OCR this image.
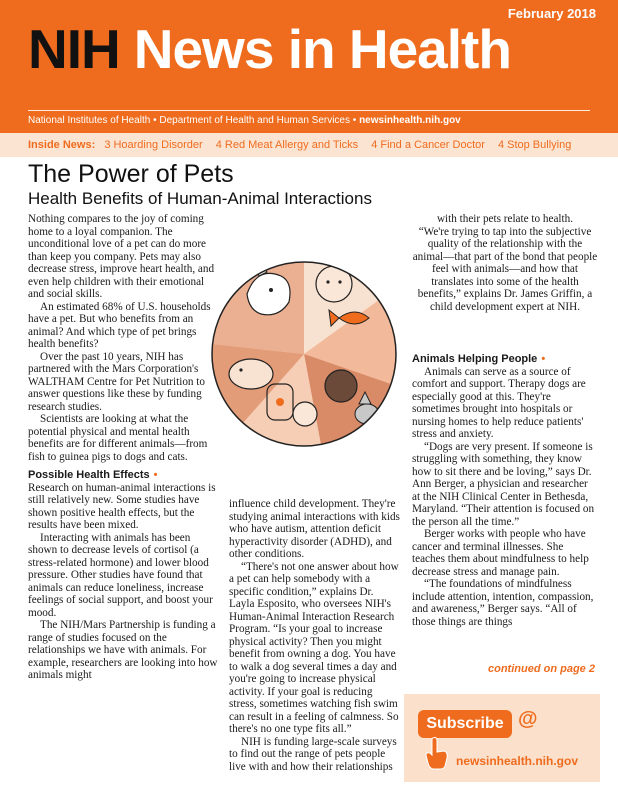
February 2018
NIH News in Health
National Institutes of Health • Department of Health and Human Services • newsinhealth.nih.gov
Inside News: 3 Hoarding Disorder 4 Red Meat Allergy and Ticks 4 Find a Cancer Doctor 4 Stop Bullying
The Power of Pets
Health Benefits of Human-Animal Interactions

Nothing compares to the joy of coming home to a loyal companion. The unconditional love of a pet can do more than keep you company. Pets may also decrease stress, improve heart health, and even help children with their emotional and social skills.

An estimated 68% of U.S. households have a pet. But who benefits from an animal? And which type of pet brings health benefits?

Over the past 10 years, NIH has partnered with the Mars Corporation's WALTHAM Centre for Pet Nutrition to answer questions like these by funding research studies.

Scientists are looking at what the potential physical and mental health benefits are for different animals—from fish to guinea pigs to dogs and cats.

Possible Health Effects •

Research on human-animal interactions is still relatively new. Some studies have shown positive health effects, but the results have been mixed.

Interacting with animals has been shown to decrease levels of cortisol (a stress-related hormone) and lower blood pressure. Other studies have found that animals can reduce loneliness, increase feelings of social support, and boost your mood.

The NIH/Mars Partnership is funding a range of studies focused on the relationships we have with animals. For example, researchers are looking into how animals might

influence child development. They're studying animal interactions with kids who have autism, attention deficit hyperactivity disorder (ADHD), and other conditions.

“There's not one answer about how a pet can help somebody with a specific condition,” explains Dr. Layla Esposito, who oversees NIH's Human-Animal Interaction Research Program. “Is your goal to increase physical activity? Then you might benefit from owning a dog. You have to walk a dog several times a day and you're going to increase physical activity. If your goal is reducing stress, sometimes watching fish swim can result in a feeling of calmness. So there's no one type fits all.”

NIH is funding large-scale surveys to find out the range of pets people live with and how their relationships

with their pets relate to health.

“We're trying to tap into the subjective quality of the relationship with the animal—that part of the bond that people feel with animals—and how that translates into some of the health benefits,” explains Dr. James Griffin, a child development expert at NIH.

Animals Helping People •

Animals can serve as a source of comfort and support. Therapy dogs are especially good at this. They're sometimes brought into hospitals or nursing homes to help reduce patients' stress and anxiety.

“Dogs are very present. If someone is struggling with something, they know how to sit there and be loving,” says Dr. Ann Berger, a physician and researcher at the NIH Clinical Center in Bethesda, Maryland. “Their attention is focused on the person all the time.”

Berger works with people who have cancer and terminal illnesses. She teaches them about mindfulness to help decrease stress and manage pain.

“The foundations of mindfulness include attention, intention, compassion, and awareness,” Berger says. “All of those things are things

continued on page 2
Subscribe @
newsinhealth.nih.gov
